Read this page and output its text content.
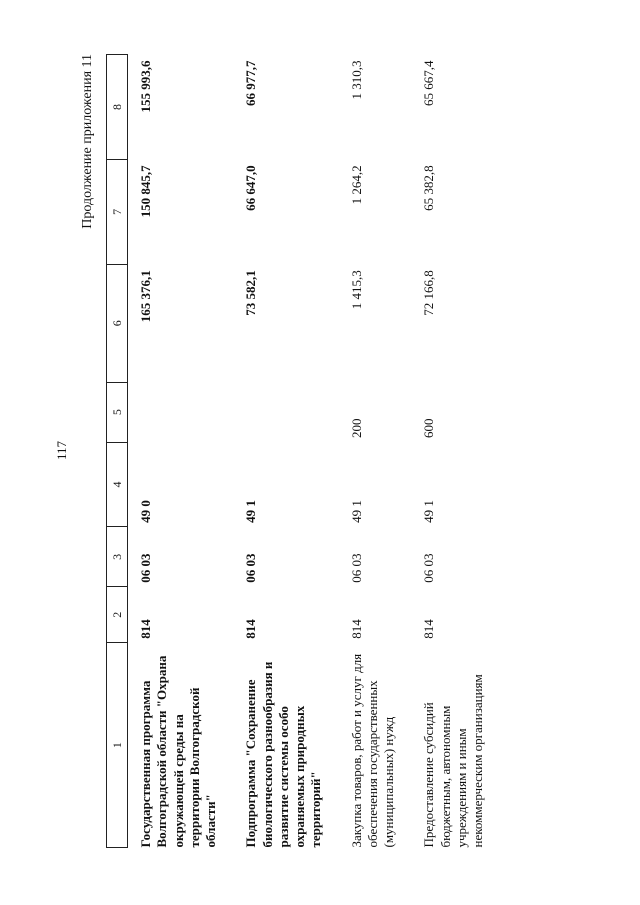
117
Продолжение приложения 11
1	2	3	4	5	6	7	8
Государственная программа Волгоградской области "Охрана окружающей среды на территории Волгоградской области"	814	06 03	49 0		165 376,1	150 845,7	155 993,6
Подпрограмма "Сохранение биологического разнообразия и развитие системы особо охраняемых природных территорий"	814	06 03	49 1		73 582,1	66 647,0	66 977,7
Закупка товаров, работ и услуг для обеспечения государственных (муниципальных) нужд	814	06 03	49 1	200	1 415,3	1 264,2	1 310,3
Предоставление субсидий бюджетным, автономным учреждениям и иным некоммерческим организациям	814	06 03	49 1	600	72 166,8	65 382,8	65 667,4
